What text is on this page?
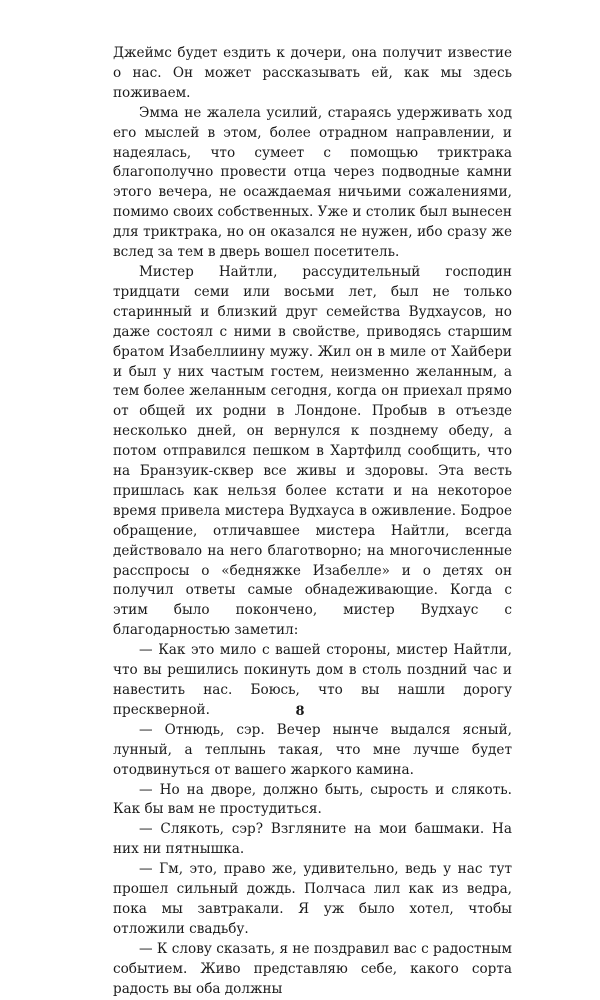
Джеймс будет ездить к дочери, она получит известие о нас. Он может рассказывать ей, как мы здесь поживаем.

Эмма не жалела усилий, стараясь удерживать ход его мыслей в этом, более отрадном направлении, и надеялась, что сумеет с помощью триктрака благополучно провести отца через подводные камни этого вечера, не осаждаемая ничьими сожалениями, помимо своих собственных. Уже и столик был вынесен для триктрака, но он оказался не нужен, ибо сразу же вслед за тем в дверь вошел посетитель.

Мистер Найтли, рассудительный господин тридцати семи или восьми лет, был не только старинный и близкий друг семейства Вудхаусов, но даже состоял с ними в свойстве, приводясь старшим братом Изабеллиину мужу. Жил он в миле от Хайбери и был у них частым гостем, неизменно желанным, а тем более желанным сегодня, когда он приехал прямо от общей их родни в Лондоне. Пробыв в отъезде несколько дней, он вернулся к позднему обеду, а потом отправился пешком в Хартфилд сообщить, что на Бранзуик-сквер все живы и здоровы. Эта весть пришлась как нельзя более кстати и на некоторое время привела мистера Вудхауса в оживление. Бодрое обращение, отличавшее мистера Найтли, всегда действовало на него благотворно; на многочисленные расспросы о «бедняжке Изабелле» и о детях он получил ответы самые обнадеживающие. Когда с этим было покончено, мистер Вудхаус с благодарностью заметил:

— Как это мило с вашей стороны, мистер Найтли, что вы решились покинуть дом в столь поздний час и навестить нас. Боюсь, что вы нашли дорогу прескверной.

— Отнюдь, сэр. Вечер нынче выдался ясный, лунный, а теплынь такая, что мне лучше будет отодвинуться от вашего жаркого камина.

— Но на дворе, должно быть, сырость и слякоть. Как бы вам не простудиться.

— Слякоть, сэр? Взгляните на мои башмаки. На них ни пятнышка.

— Гм, это, право же, удивительно, ведь у нас тут прошел сильный дождь. Полчаса лил как из ведра, пока мы завтракали. Я уж было хотел, чтобы отложили свадьбу.

— К слову сказать, я не поздравил вас с радостным событием. Живо представляю себе, какого сорта радость вы оба должны

8
